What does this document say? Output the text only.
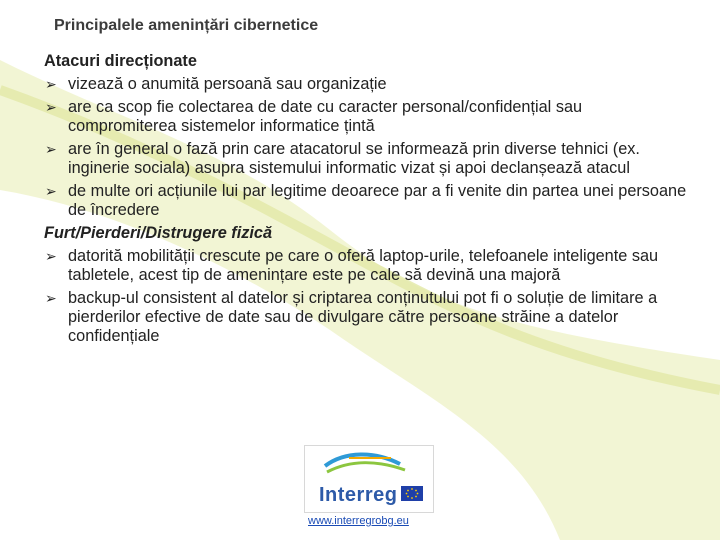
Principalele amenințări cibernetice
Atacuri direcționate
➢ vizează o anumită persoană sau organizație
➢ are ca scop fie colectarea de date cu caracter personal/confidențial sau compromiterea sistemelor informatice țintă
➢ are în general o fază prin care atacatorul se informează prin diverse tehnici (ex. inginerie sociala) asupra sistemului informatic vizat și apoi declanșează atacul
➢ de multe ori acțiunile lui par legitime deoarece par a fi venite din partea unei persoane de încredere
Furt/Pierderi/Distrugere fizică
➢ datorită mobilității crescute pe care o oferă laptop-urile, telefoanele inteligente sau tabletele, acest tip de amenințare este pe cale să devină una majoră
➢ backup-ul consistent al datelor și criptarea conținutului pot fi o soluție de limitare a pierderilor efective de date sau de divulgare către persoane străine a datelor confidențiale
Interreg
www.interregrobg.eu
